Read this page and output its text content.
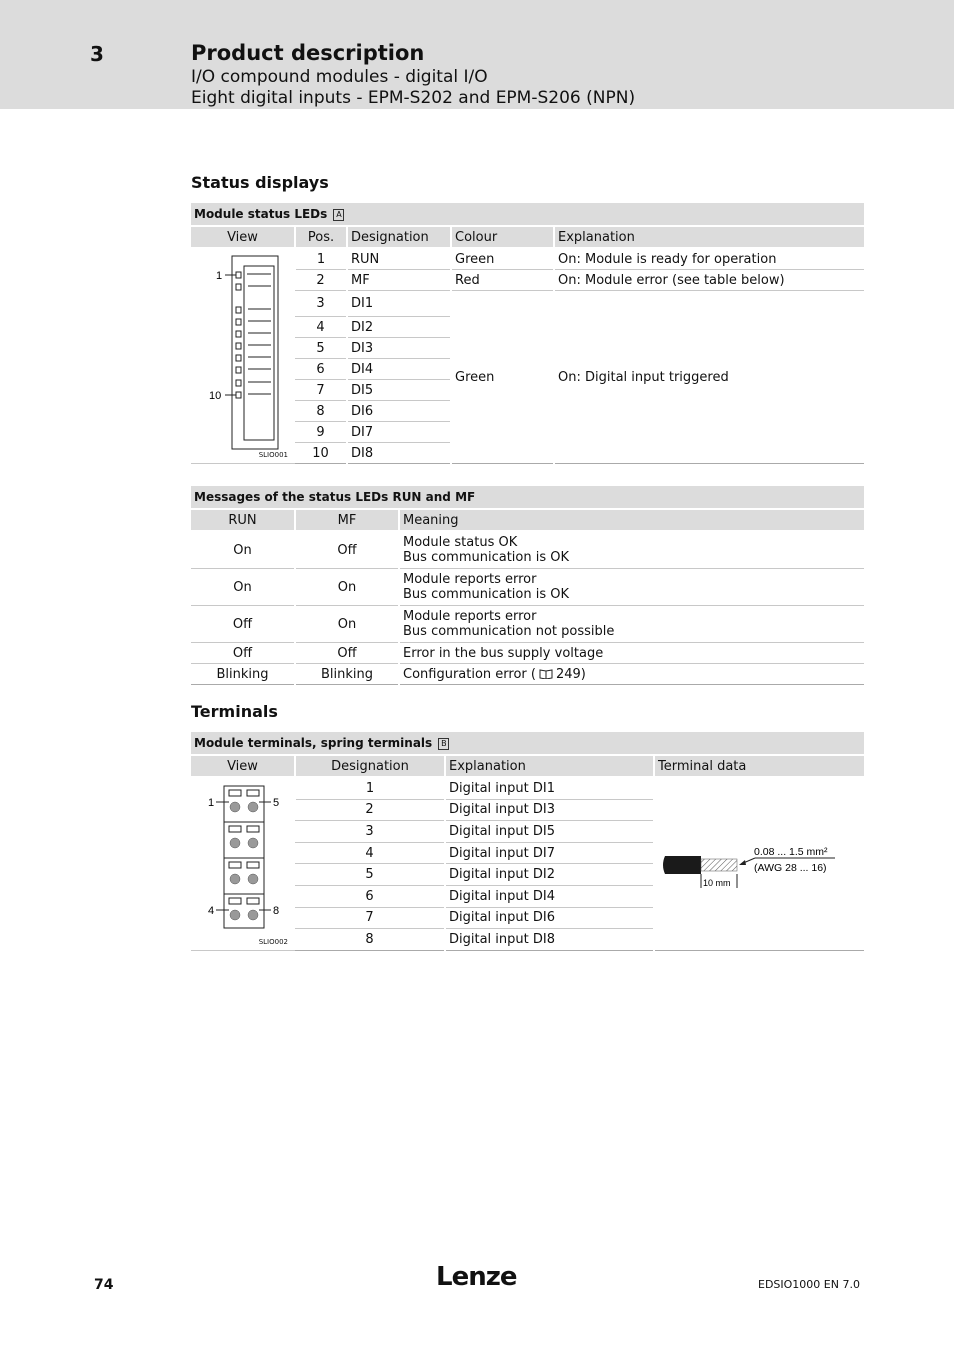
3	Product description
I/O compound modules - digital I/O
Eight digital inputs - EPM-S202 and EPM-S206 (NPN)
Status displays
Module status LEDs A				
View	Pos.	Designation	Colour	Explanation

1
10
SLIO001	1	RUN	Green	On: Module is ready for operation
	2	MF	Red	On: Module error (see table below)
	3	DI1	Green	On: Digital input triggered
	4	DI2		
	5	DI3		
	6	DI4		
	7	DI5		
	8	DI6		
	9	DI7		
	10	DI8		
Messages of the status LEDs RUN and MF		
RUN	MF	Meaning
On	Off	Module status OK
Bus communication is OK

On	On	Module reports error
Bus communication is OK

Off	On	Module reports error
Bus communication not possible

Off	Off	Error in the bus supply voltage
Blinking	Blinking	Configuration error ( 249)
Terminals
Module terminals, spring terminals B			
View	Designation	Explanation	Terminal data

1 5
4 8
SLIO002	1	Digital input DI1	0.08 ... 1.5 mm²
(AWG 28 ... 16)
10 mm

	2	Digital input DI3	
	3	Digital input DI5	
	4	Digital input DI7	
	5	Digital input DI2	
	6	Digital input DI4	
	7	Digital input DI6	
	8	Digital input DI8	
74	Lenze	EDSIO1000 EN 7.0
